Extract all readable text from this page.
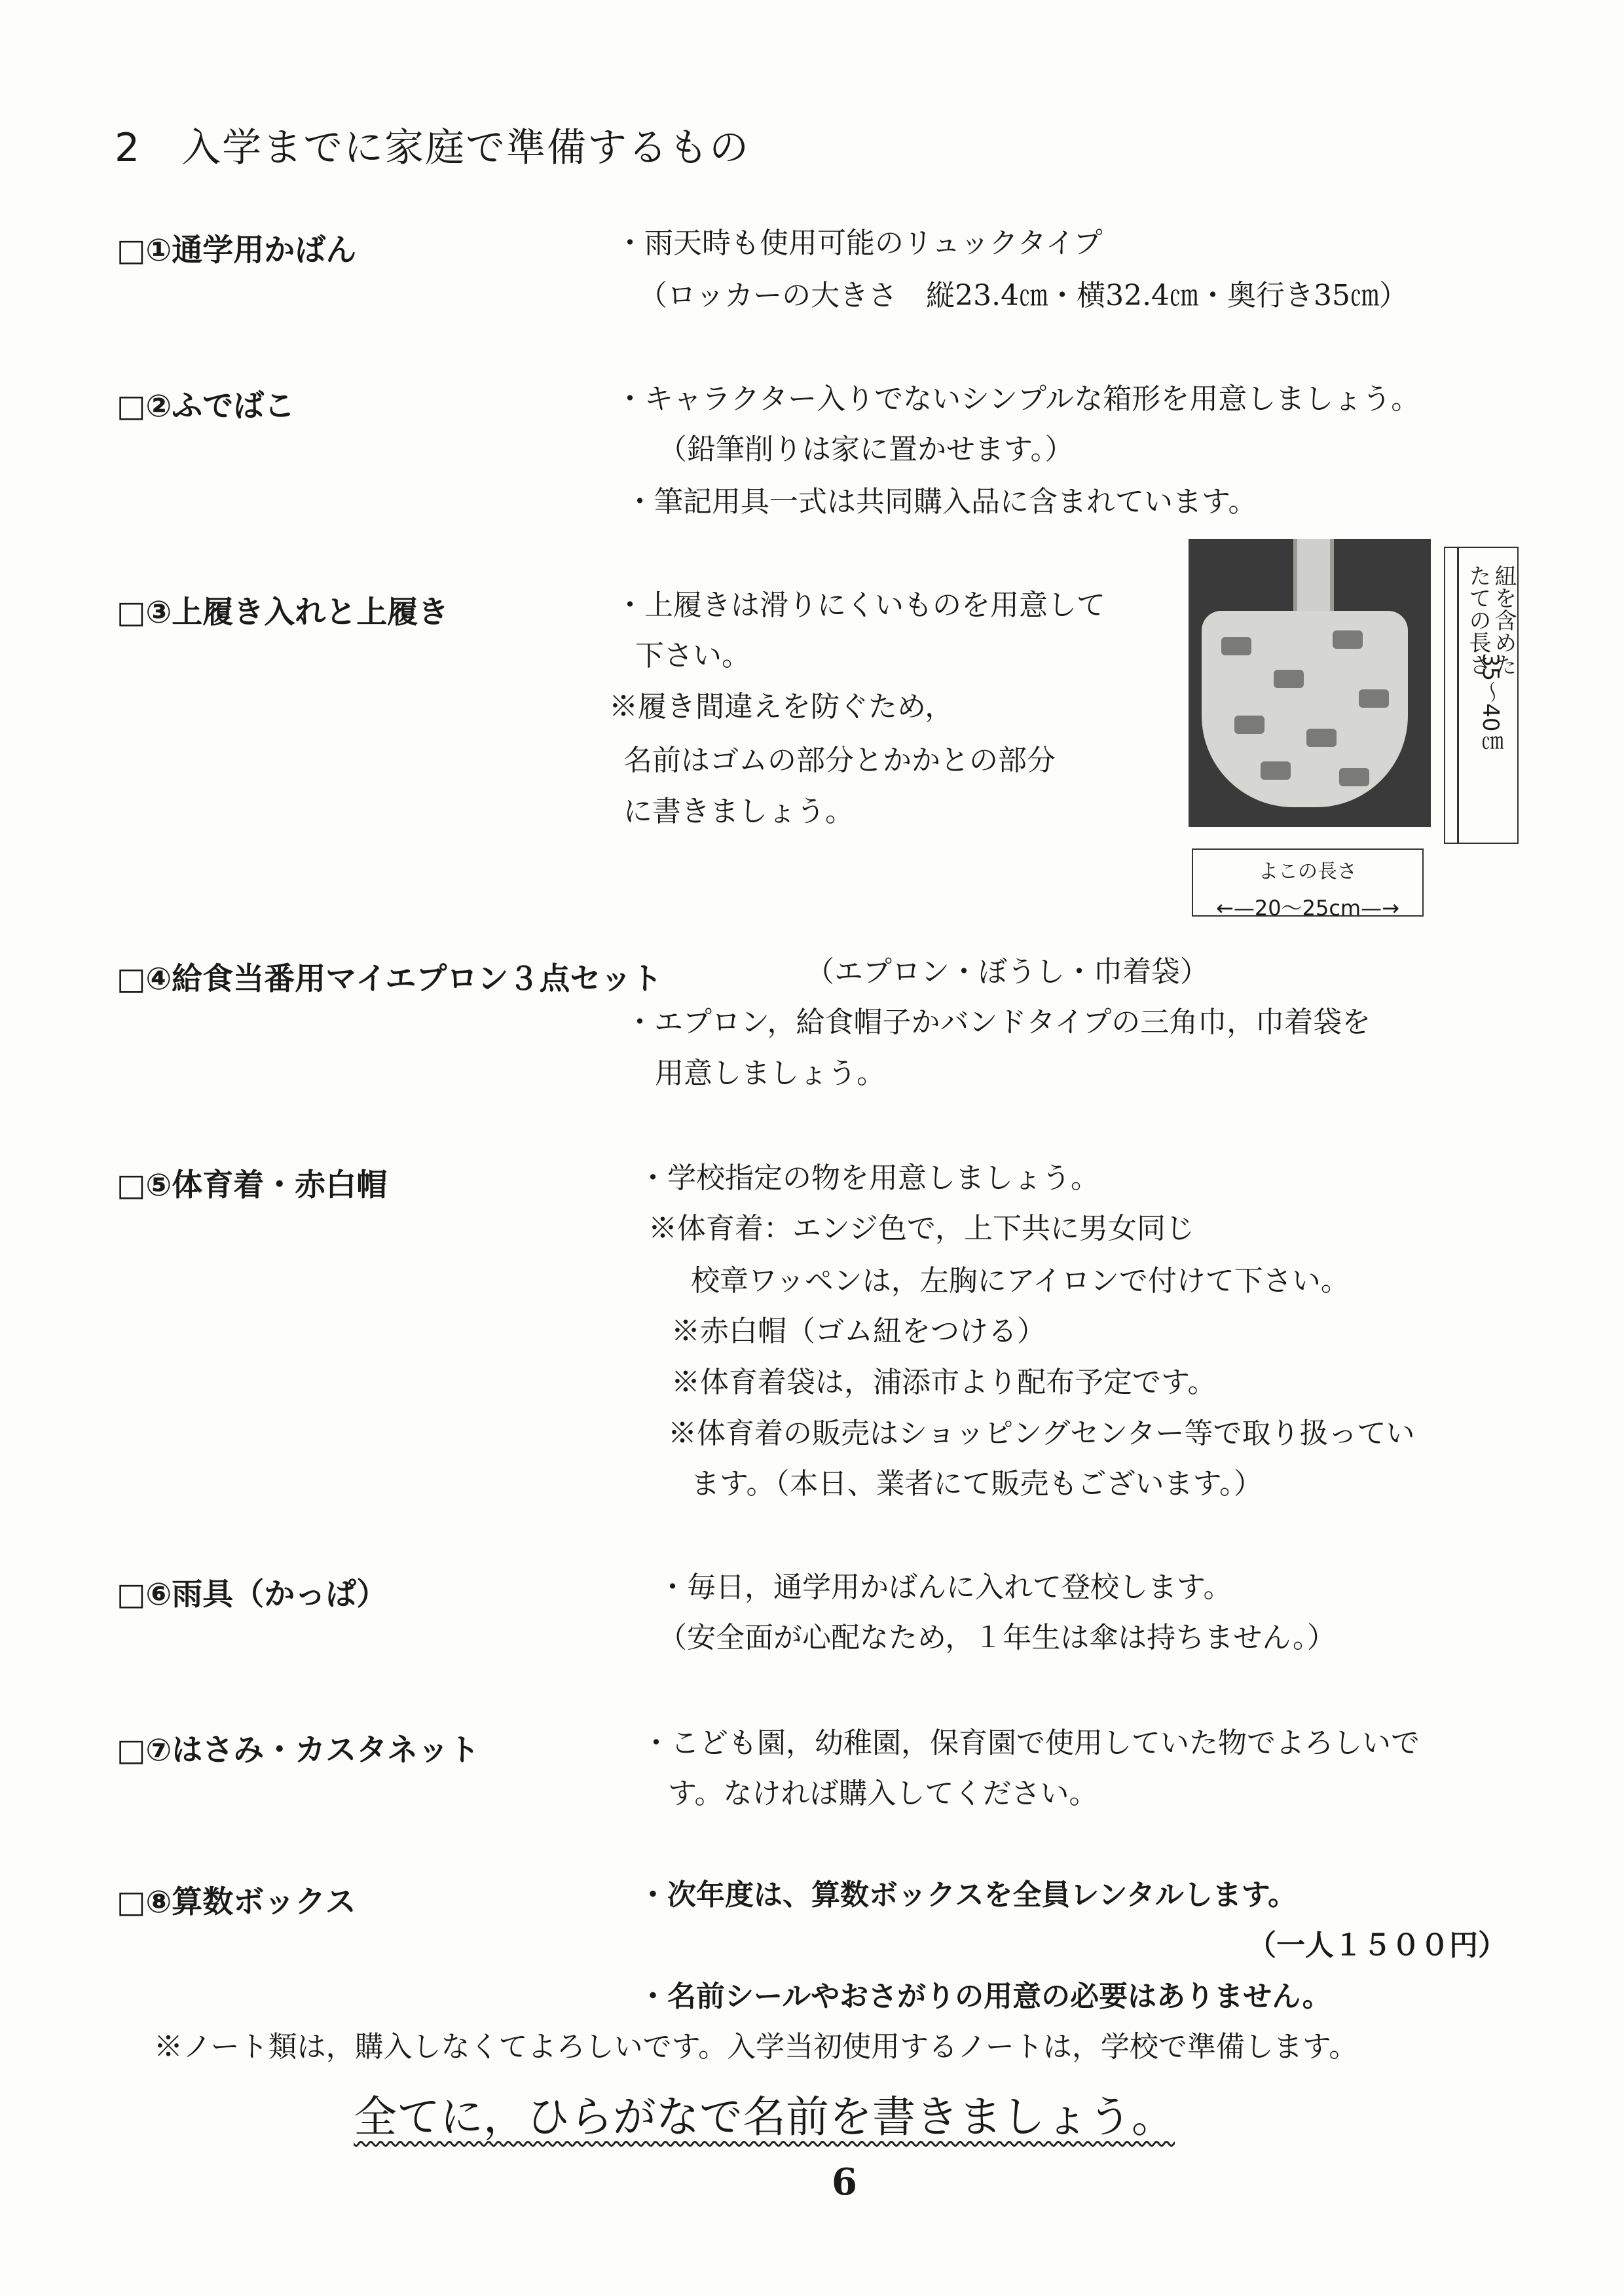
2　入学までに家庭で準備するもの
□①通学用かばん	・雨天時も使用可能のリュックタイプ
（ロッカーの大きさ　縦23.4㎝・横32.4㎝・奥行き35㎝）
□②ふでばこ	・キャラクター入りでないシンプルな箱形を用意しましょう。
（鉛筆削りは家に置かせます。）
・筆記用具一式は共同購入品に含まれています。
□③上履き入れと上履き	・上履きは滑りにくいものを用意して
下さい。
※履き間違えを防ぐため，
名前はゴムの部分とかかとの部分
に書きましょう。
紐を含めた
たての長さ
35〜40㎝
よこの長さ
←—20〜25cm—→
□④給食当番用マイエプロン３点セット	（エプロン・ぼうし・巾着袋）
・エプロン，給食帽子かバンドタイプの三角巾，巾着袋を
用意しましょう。
□⑤体育着・赤白帽	・学校指定の物を用意しましょう。
※体育着：エンジ色で，上下共に男女同じ
校章ワッペンは，左胸にアイロンで付けて下さい。
※赤白帽（ゴム紐をつける）
※体育着袋は，浦添市より配布予定です。
※体育着の販売はショッピングセンター等で取り扱ってい
ます。（本日、業者にて販売もございます。）
□⑥雨具（かっぱ）	・毎日，通学用かばんに入れて登校します。
（安全面が心配なため，１年生は傘は持ちません。）
□⑦はさみ・カスタネット	・こども園，幼稚園，保育園で使用していた物でよろしいで
す。なければ購入してください。
□⑧算数ボックス	・次年度は、算数ボックスを全員レンタルします。
（一人１５００円）
・名前シールやおさがりの用意の必要はありません。
※ノート類は，購入しなくてよろしいです。入学当初使用するノートは，学校で準備します。
全てに，ひらがなで名前を書きましょう。
6
